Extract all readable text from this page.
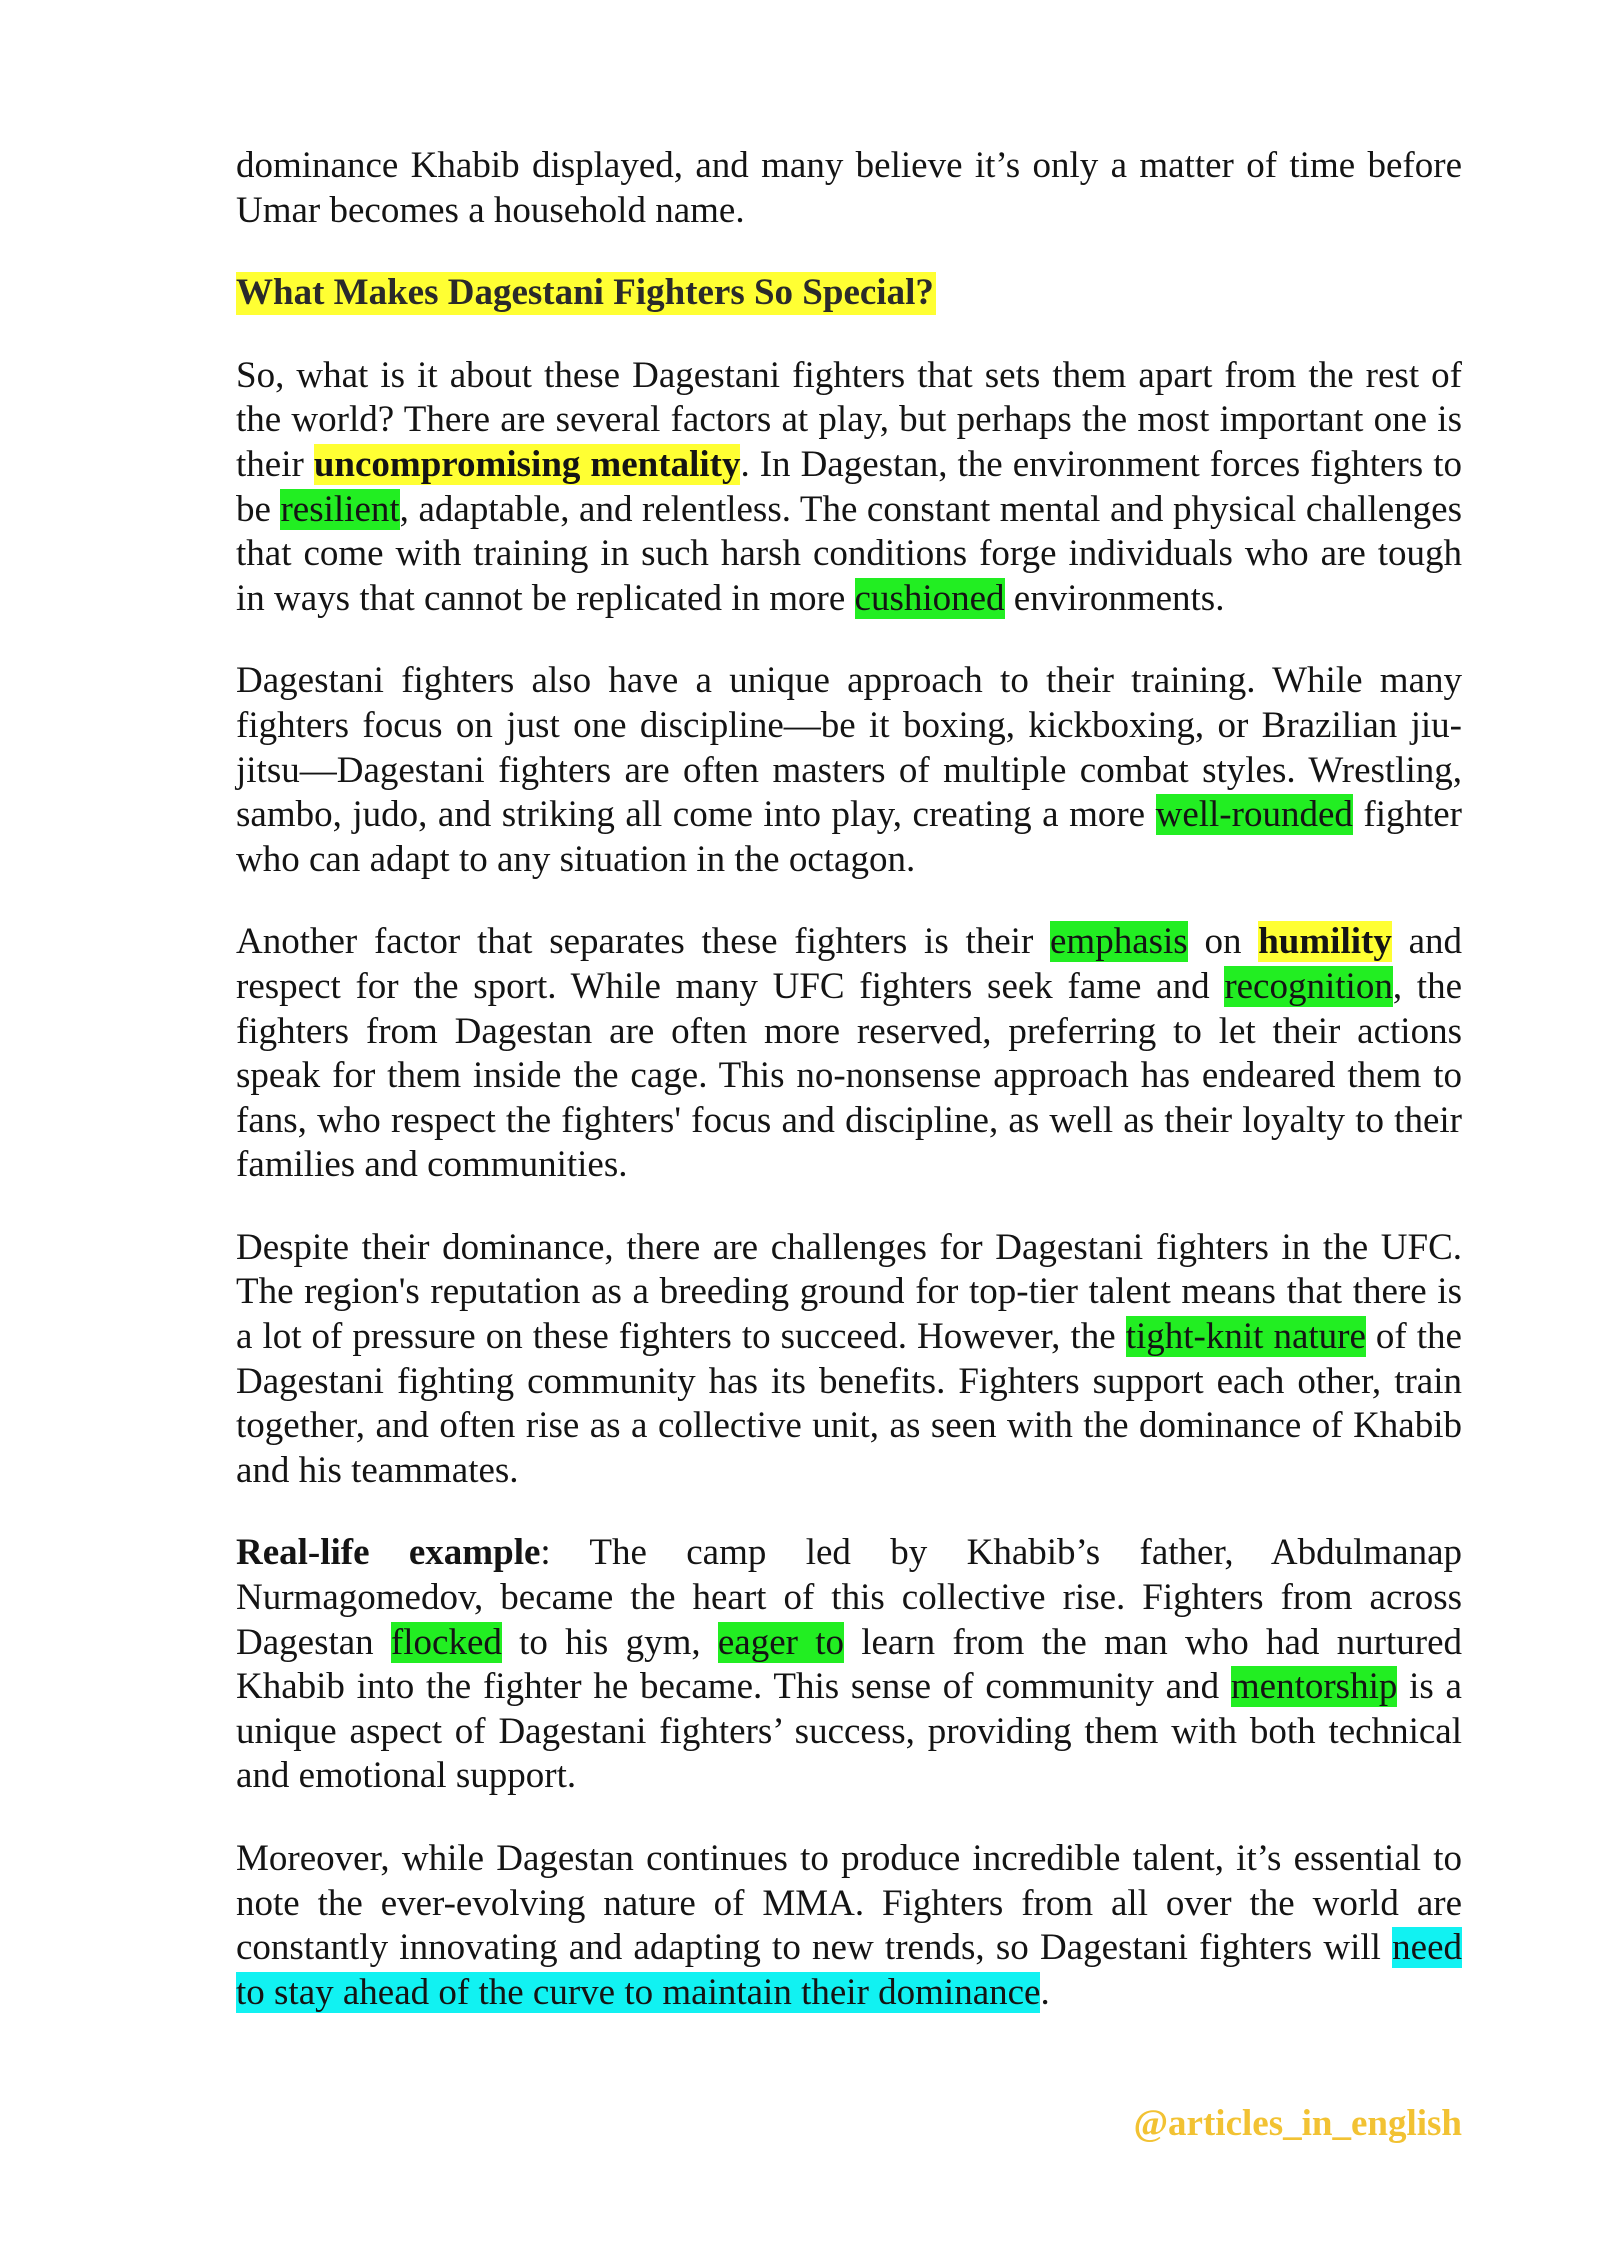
dominance Khabib displayed, and many believe it’s only a matter of time before Umar becomes a household name.

What Makes Dagestani Fighters So Special?

So, what is it about these Dagestani fighters that sets them apart from the rest of the world? There are several factors at play, but perhaps the most important one is their uncompromising mentality. In Dagestan, the environment forces fighters to be resilient, adaptable, and relentless. The constant mental and physical challenges that come with training in such harsh conditions forge individuals who are tough in ways that cannot be replicated in more cushioned environments.

Dagestani fighters also have a unique approach to their training. While many fighters focus on just one discipline—be it boxing, kickboxing, or Brazilian jiu-jitsu—Dagestani fighters are often masters of multiple combat styles. Wrestling, sambo, judo, and striking all come into play, creating a more well-rounded fighter who can adapt to any situation in the octagon.

Another factor that separates these fighters is their emphasis on humility and respect for the sport. While many UFC fighters seek fame and recognition, the fighters from Dagestan are often more reserved, preferring to let their actions speak for them inside the cage. This no-nonsense approach has endeared them to fans, who respect the fighters' focus and discipline, as well as their loyalty to their families and communities.

Despite their dominance, there are challenges for Dagestani fighters in the UFC. The region's reputation as a breeding ground for top-tier talent means that there is a lot of pressure on these fighters to succeed. However, the tight-knit nature of the Dagestani fighting community has its benefits. Fighters support each other, train together, and often rise as a collective unit, as seen with the dominance of Khabib and his teammates.

Real-life example: The camp led by Khabib’s father, Abdulmanap Nurmagomedov, became the heart of this collective rise. Fighters from across Dagestan flocked to his gym, eager to learn from the man who had nurtured Khabib into the fighter he became. This sense of community and mentorship is a unique aspect of Dagestani fighters’ success, providing them with both technical and emotional support.

Moreover, while Dagestan continues to produce incredible talent, it’s essential to note the ever-evolving nature of MMA. Fighters from all over the world are constantly innovating and adapting to new trends, so Dagestani fighters will need to stay ahead of the curve to maintain their dominance.

@articles_in_english
